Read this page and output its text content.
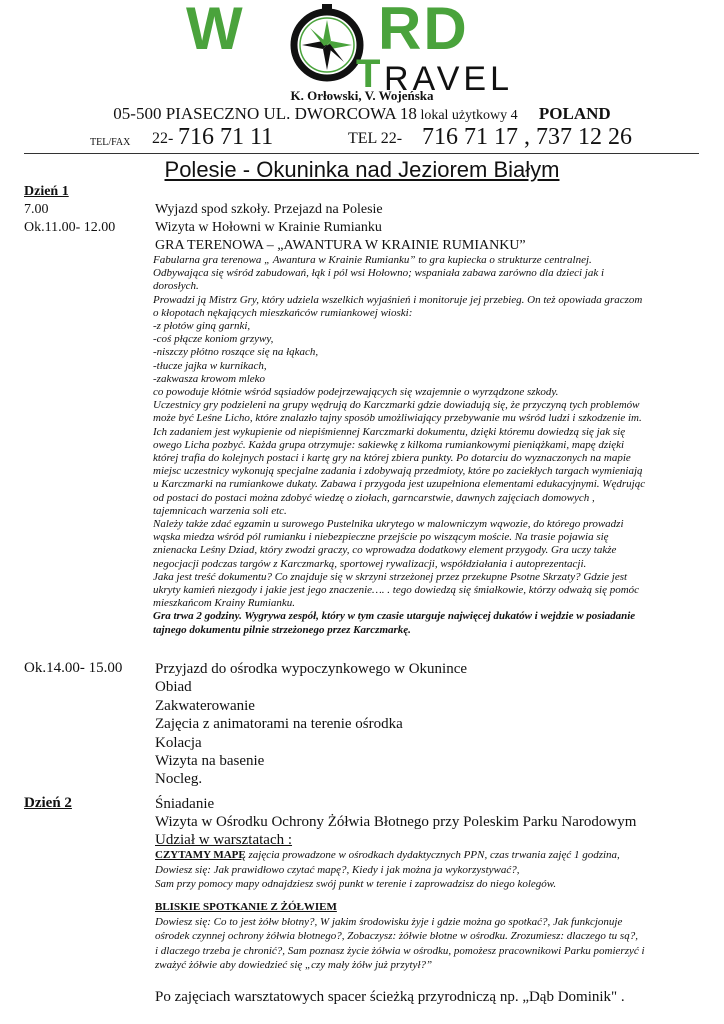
W RD
T RAVEL
K. Orłowski, V. Wojeńska
05-500 PIASECZNO UL. DWORCOWA 18 lokal użytkowy 4 POLAND
TEL/FAX 22- 716 71 11	TEL 22- 716 71 17 , 737 12 26
Polesie - Okuninka nad Jeziorem Białym
Dzień 1
7.00	Wyjazd spod szkoły. Przejazd na Polesie
Ok.11.00- 12.00	Wizyta w Hołowni w Krainie Rumianku
GRA TERENOWA – „AWANTURA W KRAINIE RUMIANKU”

Fabularna gra terenowa „ Awantura w Krainie Rumianku” to gra kupiecka o strukturze centralnej.

Odbywająca się wśród zabudowań, łąk i pól wsi Hołowno; wspaniała zabawa zarówno dla dzieci jak i

dorosłych.

Prowadzi ją Mistrz Gry, który udziela wszelkich wyjaśnień i monitoruje jej przebieg. On też opowiada graczom

o kłopotach nękających mieszkańców rumiankowej wioski:

-z płotów giną garnki,

-coś płącze koniom grzywy,

-niszczy płótno roszące się na łąkach,

-tłucze jajka w kurnikach,

-zakwasza krowom mleko

co powoduje kłótnie wśród sąsiadów podejrzewających się wzajemnie o wyrządzone szkody.

Uczestnicy gry podzieleni na grupy wędrują do Karczmarki gdzie dowiadują się, że przyczyną tych problemów

może być Leśne Licho, które znalazło tajny sposób umożliwiający przebywanie mu wśród ludzi i szkodzenie im.

Ich zadaniem jest wykupienie od niepiśmiennej Karczmarki dokumentu, dzięki któremu dowiedzą się jak się

owego Licha pozbyć. Każda grupa otrzymuje: sakiewkę z kilkoma rumiankowymi pieniążkami, mapę dzięki

której trafia do kolejnych postaci i kartę gry na której zbiera punkty. Po dotarciu do wyznaczonych na mapie

miejsc uczestnicy wykonują specjalne zadania i zdobywają przedmioty, które po zaciekłych targach wymieniają

u Karczmarki na rumiankowe dukaty. Zabawa i przygoda jest uzupełniona elementami edukacyjnymi. Wędrując

od postaci do postaci można zdobyć wiedzę o ziołach, garncarstwie, dawnych zajęciach domowych ,

tajemnicach warzenia soli etc.

Należy także zdać egzamin u surowego Pustelnika ukrytego w malowniczym wąwozie, do którego prowadzi

wąska miedza wśród pól rumianku i niebezpieczne przejście po wiszącym moście. Na trasie pojawia się

znienacka Leśny Dziad, który zwodzi graczy, co wprowadza dodatkowy element przygody. Gra uczy także

negocjacji podczas targów z Karczmarką, sportowej rywalizacji, współdziałania i autoprezentacji.

Jaka jest treść dokumentu? Co znajduje się w skrzyni strzeżonej przez przekupne Psotne Skrzaty? Gdzie jest

ukryty kamień niezgody i jakie jest jego znaczenie…. . tego dowiedzą się śmiałkowie, którzy odważą się pomóc

mieszkańcom Krainy Rumianku.

Gra trwa 2 godziny. Wygrywa zespół, który w tym czasie utarguje najwięcej dukatów i wejdzie w posiadanie

tajnego dokumentu pilnie strzeżonego przez Karczmarkę.

Ok.14.00- 15.00 Przyjazd do ośrodka wypoczynkowego w Okunince
Obiad
Zakwaterowanie
Zajęcia z animatorami na terenie ośrodka
Kolacja
Wizyta na basenie
Nocleg.
Dzień 2	Śniadanie
Wizyta w Ośrodku Ochrony Żółwia Błotnego przy Poleskim Parku Narodowym
Udział w warsztatach :

CZYTAMY MAPĘ zajęcia prowadzone w ośrodkach dydaktycznych PPN, czas trwania zajęć 1 godzina,

Dowiesz się: Jak prawidłowo czytać mapę?, Kiedy i jak można ja wykorzystywać?,

Sam przy pomocy mapy odnajdziesz swój punkt w terenie i zaprowadzisz do niego kolegów.

BLISKIE SPOTKANIE Z ŻÓŁWIEM

Dowiesz się: Co to jest żółw błotny?, W jakim środowisku żyje i gdzie można go spotkać?, Jak funkcjonuje

ośrodek czynnej ochrony żółwia błotnego?, Zobaczysz: żółwie błotne w ośrodku. Zrozumiesz: dlaczego tu są?,

i dlaczego trzeba je chronić?, Sam poznasz życie żółwia w ośrodku, pomożesz pracownikowi Parku pomierzyć i

zważyć żółwie aby dowiedzieć się „czy mały żółw już przytył?”

Po zajęciach warsztatowych spacer ścieżką przyrodniczą np. „Dąb Dominik" .
